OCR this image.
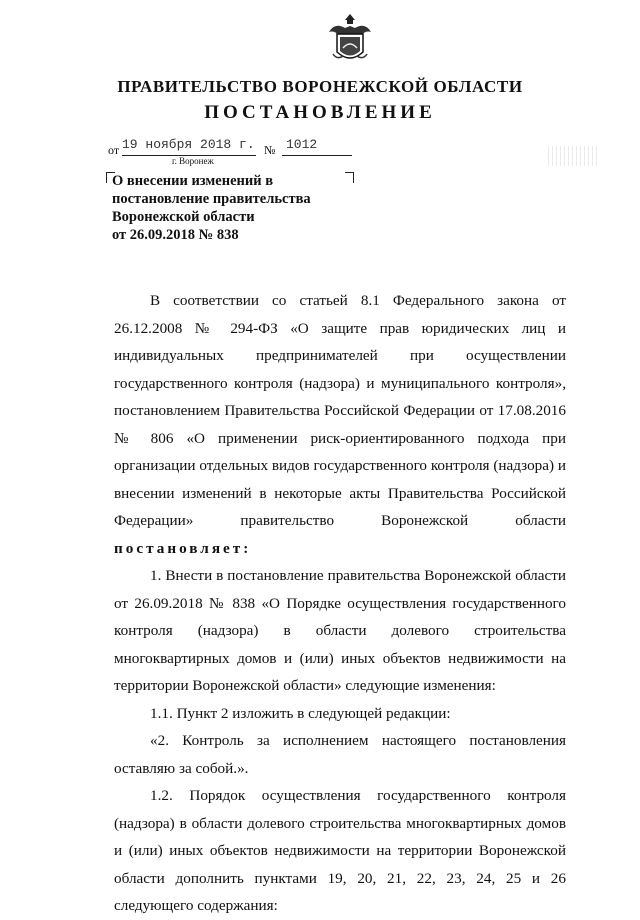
ПРАВИТЕЛЬСТВО ВОРОНЕЖСКОЙ ОБЛАСТИ
ПОСТАНОВЛЕНИЕ
от 19 ноября 2018 г. № 1012
г. Воронеж
О внесении изменений в
постановление правительства
Воронежской области
от 26.09.2018 № 838

В соответствии со статьей 8.1 Федерального закона от 26.12.2008 № 294-ФЗ «О защите прав юридических лиц и индивидуальных предпринимателей при осуществлении государственного контроля (надзора) и муниципального контроля», постановлением Правительства Российской Федерации от 17.08.2016 № 806 «О применении риск-ориентированного подхода при организации отдельных видов государственного контроля (надзора) и внесении изменений в некоторые акты Правительства Российской Федерации» правительство Воронежской области постановляет:

1. Внести в постановление правительства Воронежской области от 26.09.2018 № 838 «О Порядке осуществления государственного контроля (надзора) в области долевого строительства многоквартирных домов и (или) иных объектов недвижимости на территории Воронежской области» следующие изменения:

1.1. Пункт 2 изложить в следующей редакции:

«2. Контроль за исполнением настоящего постановления оставляю за собой.».

1.2. Порядок осуществления государственного контроля (надзора) в области долевого строительства многоквартирных домов и (или) иных объектов недвижимости на территории Воронежской области дополнить пунктами 19, 20, 21, 22, 23, 24, 25 и 26 следующего содержания:
